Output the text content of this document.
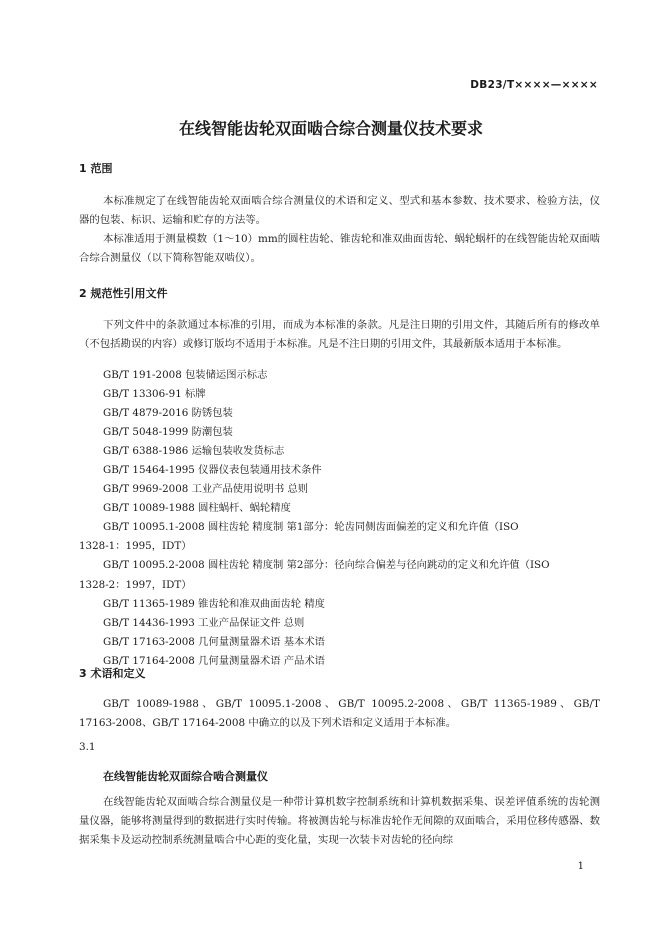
DB23/T××××—××××
在线智能齿轮双面啮合综合测量仪技术要求
1 范围

本标准规定了在线智能齿轮双面啮合综合测量仪的术语和定义、型式和基本参数、技术要求、检验方法，仪器的包装、标识、运输和贮存的方法等。

本标准适用于测量模数（1～10）mm的圆柱齿轮、锥齿轮和准双曲面齿轮、蜗轮蜗杆的在线智能齿轮双面啮合综合测量仪（以下简称智能双啮仪）。

2 规范性引用文件

下列文件中的条款通过本标准的引用，而成为本标准的条款。凡是注日期的引用文件，其随后所有的修改单（不包括勘误的内容）或修订版均不适用于本标准。凡是不注日期的引用文件，其最新版本适用于本标准。

GB/T 191-2008 包装储运图示标志
GB/T 13306-91 标牌
GB/T 4879-2016 防锈包装
GB/T 5048-1999 防潮包装
GB/T 6388-1986 运输包装收发货标志
GB/T 15464-1995 仪器仪表包装通用技术条件
GB/T 9969-2008 工业产品使用说明书 总则
GB/T 10089-1988 圆柱蜗杆、蜗轮精度
GB/T 10095.1-2008 圆柱齿轮 精度制 第1部分：轮齿同侧齿面偏差的定义和允许值（ISO
1328-1：1995，IDT）
GB/T 10095.2-2008 圆柱齿轮 精度制 第2部分：径向综合偏差与径向跳动的定义和允许值（ISO
1328-2：1997，IDT）
GB/T 11365-1989 锥齿轮和准双曲面齿轮 精度
GB/T 14436-1993 工业产品保证文件 总则
GB/T 17163-2008 几何量测量器术语 基本术语
GB/T 17164-2008 几何量测量器术语 产品术语
3 术语和定义

GB/T 10089-1988、GB/T 10095.1-2008、GB/T 10095.2-2008、GB/T 11365-1989、GB/T 17163-2008、GB/T 17164-2008 中确立的以及下列术语和定义适用于本标准。

3.1
在线智能齿轮双面综合啮合测量仪

在线智能齿轮双面啮合综合测量仪是一种带计算机数字控制系统和计算机数据采集、误差评值系统的齿轮测量仪器，能够将测量得到的数据进行实时传输。将被测齿轮与标准齿轮作无间隙的双面啮合，采用位移传感器、数据采集卡及运动控制系统测量啮合中心距的变化量，实现一次装卡对齿轮的径向综

1
